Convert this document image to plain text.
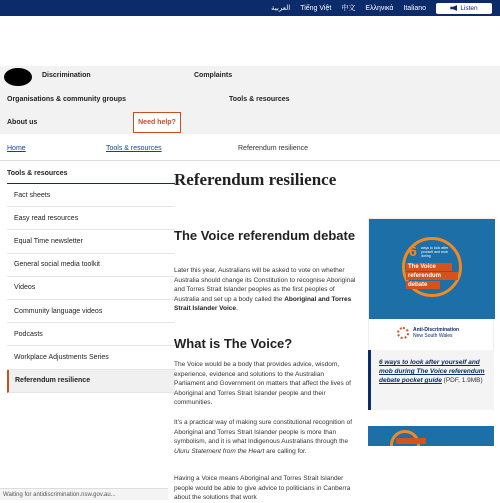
العربية Tiếng Việt 中文 Ελληνικά Italiano	Listen
Discrimination	Complaints
Organisations & community groups	Tools & resources
About us	Need help?
Home	Tools & resources	Referendum resilience
Tools & resources
Fact sheets
Easy read resources
Equal Time newsletter
General social media toolkit
Videos
Community language videos
Podcasts
Workplace Adjustments Series
Referendum resilience
Referendum resilience
The Voice referendum debate

Later this year, Australians will be asked to vote on whether Australia should change its Constitution to recognise Aboriginal and Torres Strait Islander peoples as the first peoples of Australia and set up a body called the Aboriginal and Torres Strait Islander Voice.

What is The Voice?

The Voice would be a body that provides advice, wisdom, experience, evidence and solutions to the Australian Parliament and Government on matters that affect the lives of Aboriginal and Torres Strait Islander people and their communities.

It’s a practical way of making sure constitutional recognition of Aboriginal and Torres Strait Islander people is more than symbolism, and it is what Indigenous Australians through the Uluru Statement from the Heart are calling for.

Having a Voice means Aboriginal and Torres Strait Islander people would be able to give advice to politicians in Canberra about the solutions that work

6 ways to look after yourself and mob during
The Voice
referendum
debate
Anti-Discrimination
New South Wales
6 ways to look after yourself and mob during The Voice referendum debate pocket guide (PDF, 1.9MB)
Waiting for antidiscrimination.nsw.gov.au...
